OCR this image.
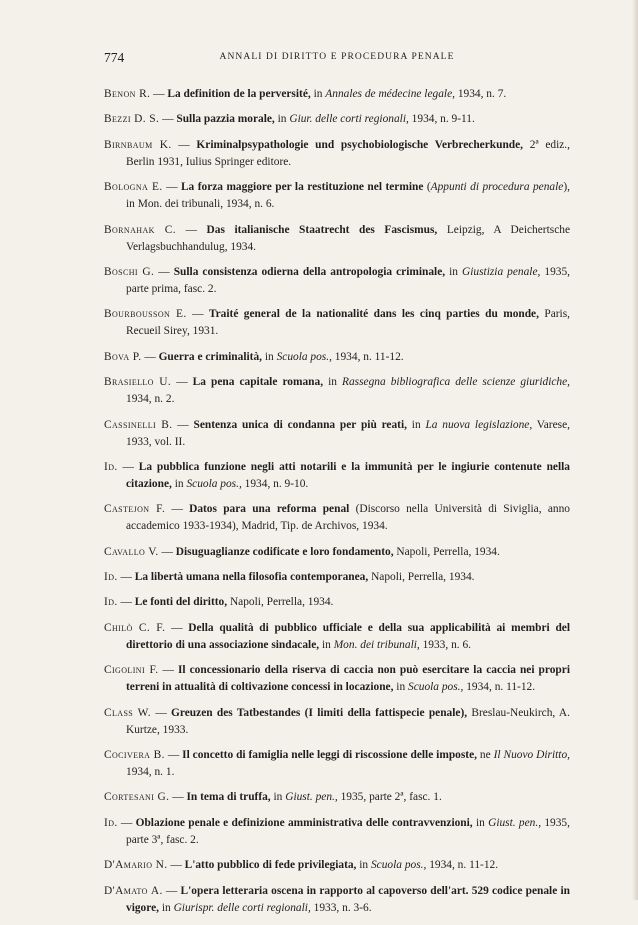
774	ANNALI DI DIRITTO E PROCEDURA PENALE

Benon R. — La definition de la perversité, in Annales de médecine legale, 1934, n. 7.

Bezzi D. S. — Sulla pazzia morale, in Giur. delle corti regionali, 1934, n. 9-11.

Birnbaum K. — Kriminalpsypathologie und psychobiologische Verbrecherkunde, 2ª ediz., Berlin 1931, Iulius Springer editore.

Bologna E. — La forza maggiore per la restituzione nel termine (Appunti di procedura penale), in Mon. dei tribunali, 1934, n. 6.

Bornahak C. — Das italianische Staatrecht des Fascismus, Leipzig, A Deichertsche Verlagsbuchhandulug, 1934.

Boschi G. — Sulla consistenza odierna della antropologia criminale, in Giustizia penale, 1935, parte prima, fasc. 2.

Bourbousson E. — Traité general de la nationalité dans les cinq parties du monde, Paris, Recueil Sirey, 1931.

Bova P. — Guerra e criminalità, in Scuola pos., 1934, n. 11-12.

Brasiello U. — La pena capitale romana, in Rassegna bibliografica delle scienze giuridiche, 1934, n. 2.

Cassinelli B. — Sentenza unica di condanna per più reati, in La nuova legislazione, Varese, 1933, vol. II.

Id. — La pubblica funzione negli atti notarili e la immunità per le ingiurie contenute nella citazione, in Scuola pos., 1934, n. 9-10.

Castejon F. — Datos para una reforma penal (Discorso nella Università di Siviglia, anno accademico 1933-1934), Madrid, Tip. de Archivos, 1934.

Cavallo V. — Disuguaglianze codificate e loro fondamento, Napoli, Perrella, 1934.

Id. — La libertà umana nella filosofia contemporanea, Napoli, Perrella, 1934.

Id. — Le fonti del diritto, Napoli, Perrella, 1934.

Chilò C. F. — Della qualità di pubblico ufficiale e della sua applicabilità ai membri del direttorio di una associazione sindacale, in Mon. dei tribunali, 1933, n. 6.

Cigolini F. — Il concessionario della riserva di caccia non può esercitare la caccia nei propri terreni in attualità di coltivazione concessi in locazione, in Scuola pos., 1934, n. 11-12.

Class W. — Greuzen des Tatbestandes (I limiti della fattispecie penale), Breslau-Neukirch, A. Kurtze, 1933.

Cocivera B. — Il concetto di famiglia nelle leggi di riscossione delle imposte, ne Il Nuovo Diritto, 1934, n. 1.

Cortesani G. — In tema di truffa, in Giust. pen., 1935, parte 2ª, fasc. 1.

Id. — Oblazione penale e definizione amministrativa delle contravvenzioni, in Giust. pen., 1935, parte 3ª, fasc. 2.

D'Amario N. — L'atto pubblico di fede privilegiata, in Scuola pos., 1934, n. 11-12.

D'Amato A. — L'opera letteraria oscena in rapporto al capoverso dell'art. 529 codice penale in vigore, in Giurispr. delle corti regionali, 1933, n. 3-6.
